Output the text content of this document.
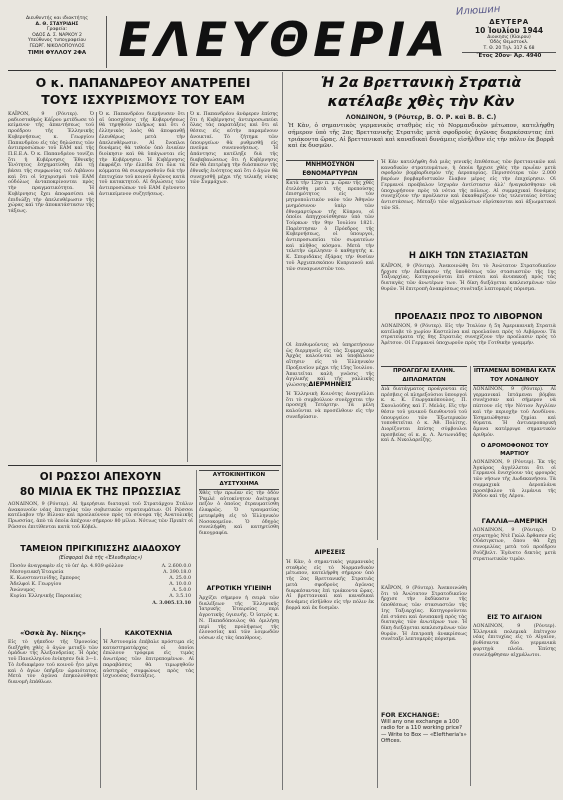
Илюшин
Διευθυντής και ιδιοκτήτης
Α. Θ. ΣΤΑΥΡΙΔΗΣ
Γραφεία:
ΟΔΟΣ Δ. Σ. ΝΑΡΚΟΥ 2
Υπεύθυνος τυπογραφείου
ΓΕΩΡΓ. ΝΙΚΟΛΟΠΟΥΛΟΣ
ΤΙΜΗ ΦΥΛΛΟΥ 2ΦΑ ΕΛΕΥΘΕΡΙΑ	ΔΕΥΤΕΡΑ
10 Ἰουλίου 1944
Διοικησις (Κίαιρου)
Ὁδὸς Θεμιστοκλ.
Τ. Θ. 20 Τηλ. 317 & 68
Ἔτος 20ον· Ἀρ. 4940
Ο κ. ΠΑΠΑΝΔΡΕΟΥ ΑΝΑΤΡΕΠΕΙ
ΤΟΥΣ ΙΣΧΥΡΙΣΜΟΥΣ ΤΟΥ ΕΑΜ
ΚΑΪΡΟΝ, 9 (Ρόυτερ). Ὁ ραδιοσταθμὸς Κάΐρου μετέδωσε τὸ κείμενον τῆς ἀπαντήσεως τοῦ προέδρου τῆς Ἑλληνικῆς Κυβερνήσεως κ. Γεωργίου Παπανδρέου εἰς τὰς δηλώσεις τῶν ἀντιπροσώπων τοῦ ΕΑΜ καὶ τῆς Π.Ε.Ε.Α. Ὁ κ. Παπανδρέου τονίζει ὅτι ἡ Κυβέρνησις Ἐθνικῆς Ἑνότητος ἐσχηματίσθη ἐπὶ τῇ βάσει τῆς συμφωνίας τοῦ Λιβάνου καὶ ὅτι οἱ ἰσχυρισμοὶ τοῦ ΕΑΜ οὐδόλως ἀνταποκρίνονται πρὸς τὴν πραγματικότητα. Ἡ Κυβέρνησις ἔχει ἀποφασίσει νὰ ἐπιδιώξῃ τὴν ἀπελευθέρωσιν τῆς χώρας καὶ τὴν ἀποκατάστασιν τῆς τάξεως.
Ὁ κ. Παπανδρέου διεμήνυσεν ὅτι αἱ ὑποσχέσεις τῆς Κυβερνήσεως θὰ τηρηθοῦν πλήρως καὶ ὅτι ὁ ἑλληνικὸς λαὸς θὰ ἀποφανθῇ ἐλευθέρως μετὰ τὴν ἀπελευθέρωσιν. Αἱ ἔνοπλοι δυνάμεις θὰ τεθοῦν ὑπὸ ἑνιαίαν διοίκησιν καὶ θὰ ὑπάγωνται εἰς τὴν Κυβέρνησιν. Ἡ Κυβέρνησις ἐκφράζει τὴν ἐλπίδα ὅτι ὅλα τὰ κόμματα θὰ συνεργασθοῦν διὰ τὴν ἐπιτυχίαν τοῦ κοινοῦ ἀγῶνος κατὰ τοῦ κατακτητοῦ. Αἱ δηλώσεις τῶν ἀντιπροσώπων τοῦ ΕΑΜ ἐγένοντο ἀντικείμενον συζητήσεως.
Ὁ κ. Παπανδρέου ἀνέφερεν ἐπίσης ὅτι ἡ Κυβέρνησις ἀντιπροσωπεύει ὅλας τὰς παρατάξεις καὶ ὅτι αἱ θέσεις εἰς αὐτὴν παραμένουν ἀνοικταί. Τὸ ζήτημα τῶν ὑπουργείων θὰ ρυθμισθῇ εἰς πνεῦμα συνεννοήσεως. Ἡ ἀπάντησις κατέληξε διὰ τῆς διαβεβαιώσεως ὅτι ἡ Κυβέρνησις δὲν θὰ ἐπιτρέψῃ τὴν διάσπασιν τῆς ἐθνικῆς ἑνότητος καὶ ὅτι ὁ ἀγὼν θὰ συνεχισθῇ μέχρι τῆς τελικῆς νίκης τῶν Συμμάχων.
Ἡ 2α Βρεττανικὴ Στρατιὰ
κατέλαβε χθὲς τὴν Κὰν
ΛΟΝΔΙΝΟΝ, 9 (Ρόυτερ, Β. Ο. Ρ. καὶ Β. Β. C.)
Ἡ Κὰν, ὁ σημαντικὸς γερμανικὸς σταθμὸς εἰς τὸ Νορμανδικὸν μέτωπον, κατελήφθη σήμερον ὑπὸ τῆς 2ας Βρεττανικῆς Στρατιᾶς μετὰ σφοδροὺς ἀγῶνας διαρκέσαντας ἐπὶ τριάκοντα ὥρας. Αἱ βρεττανικαὶ καὶ καναδικαὶ δυνάμεις εἰσῆλθον εἰς τὴν πόλιν ἐκ βορρᾶ καὶ ἐκ δυσμῶν.
ΜΝΗΜΟΣΥΝΟΝ ΕΘΝΟΜΑΡΤΥΡΩΝ
Κατὰ τὴν 12ην π. μ. ὥραν τῆς χθὲς ἐτελέσθη μετὰ τῆς πρεπούσης ἐπισημότητος εἰς τὸν μητροπολιτικὸν ναὸν τῶν Ἀθηνῶν μνημόσυνον ὑπὲρ τῶν ἐθνομαρτύρων τῆς Κύπρου, οἱ ὁποῖοι ἀπηγχονίσθησαν ὑπὸ τῶν Τούρκων τὴν 9ην Ἰουλίου 1821. Παρέστησαν ὁ Πρόεδρος τῆς Κυβερνήσεως, οἱ ὑπουργοί, ἀντιπροσωπεῖαι τῶν σωματείων καὶ πλῆθος κόσμου. Μετὰ τὴν τελετὴν ὡμίλησεν ὁ καθηγητὴς κ. Κ. Σπυριδάκις ἐξάρας τὴν θυσίαν τοῦ Ἀρχιεπισκόπου Κυπριανοῦ καὶ τῶν συναγωνιστῶν του.
Ἡ Κὰν κατελήφθη διὰ μιᾶς γενικῆς ἐπιθέσεως τῶν βρεττανικῶν καὶ καναδικῶν στρατευμάτων, ἡ ὁποία ἤρχισε χθὲς τὴν πρωΐαν μετὰ σφοδρὸν βομβαρδισμὸν τῆς ἀεροπορίας. Περισσότερα τῶν 2.000 βαρέων βομβαρδιστικῶν ἔλαβον μέρος εἰς τὴν ἐπιχείρησιν. Οἱ Γερμανοὶ προέβαλον ἰσχυρὰν ἀντίστασιν ἀλλ' ἠναγκάσθησαν νὰ ὑποχωρήσουν πρὸς τὰ νότια τῆς πόλεως. Αἱ συμμαχικαὶ δυνάμεις συνεχίζουν τὴν προέλασιν καὶ ἐκκαθαρίζουν τὰς τελευταίας ἑστίας ἀντιστάσεως. Μεταξὺ τῶν αἰχμαλώτων εὑρίσκονται καὶ ἀξιωματικοὶ τῶν SS.
Η ΔΙΚΗ ΤΩΝ ΣΤΑΣΙΑΣΤΩΝ
ΚΑΪΡΟΝ, 9 (Ρόυτερ). Ἀνεκοινώθη ὅτι τὸ Ἀνώτατον Στρατοδικεῖον ἤρχισε τὴν ἐκδίκασιν τῆς ὑποθέσεως τῶν στασιαστῶν τῆς 1ης Ταξιαρχίας. Κατηγοροῦνται ἐπὶ στάσει καὶ ἀνυπακοῇ πρὸς τὰς διαταγὰς τῶν ἀνωτέρων των. Ἡ δίκη διεξάγεται κεκλεισμένων τῶν θυρῶν. Ἡ ἐπιτροπὴ ἀνακρίσεως συνέταξε λεπτομερὲς πόρισμα.
ΠΡΟΕΛΑΣΙΣ ΠΡΟΣ ΤΟ ΛΙΒΟΡΝΟΝ
ΛΟΝΔΙΝΟΝ, 9 (Ρόυτερ). Εἰς τὴν Ἰταλίαν ἡ 5η Ἀμερικανικὴ Στρατιὰ κατέλαβε τὸ χωρίον Καστελίνα καὶ προελαύνει πρὸς τὸ Λιβόρνον. Τὰ στρατεύματα τῆς 8ης Στρατιᾶς συνεχίζουν τὴν προέλασιν πρὸς τὸ Ἀρέτσον. Οἱ Γερμανοὶ ὑποχωροῦν πρὸς τὴν Γοτθικὴν γραμμήν.
Οἱ ἐπιθυμοῦντες νὰ ὑπηρετήσουν ὡς διερμηνεῖς εἰς τὰς Συμμαχικὰς Ἀρχὰς καλοῦνται νὰ ὑποβάλουν αἴτησιν εἰς τὸ Ἑλληνικὸν Προξενεῖον μέχρι τῆς 15ης Ἰουλίου. Ἀπαιτεῖται καλὴ γνῶσις τῆς ἀγγλικῆς καὶ τῆς γαλλικῆς γλώσσης.
ΠΡΟΑΓΩΓΑΙ ΕΛΛΗΝ. ΔΙΠΛΩΜΑΤΩΝ
Διὰ διατάγματος προάγονται εἰς πρέσβεις οἱ πληρεξούσιοι ὑπουργοὶ κ. κ. Κ. Γεωργακόπουλος, Π. Σκουλούδης καὶ Γ. Μελᾶς. Εἰς τὴν θέσιν τοῦ γενικοῦ διευθυντοῦ τοῦ ὑπουργείου τῶν Ἐξωτερικῶν τοποθετεῖται ὁ κ. Ἀθ. Πολίτης. Διορίζονται ἐπίσης σύμβουλοι πρεσβείας οἱ κ. κ. Λ. Ἀντωνιάδης καὶ Δ. Νικολαρεΐζης.
ΙΠΤΑΜΕΝΑΙ ΒΟΜΒΑΙ ΚΑΤΑ ΤΟΥ ΛΟΝΔΙΝΟΥ
ΛΟΝΔΙΝΟΝ, 9 (Ρόυτερ). Αἱ γερμανικαὶ ἱπτάμεναι βόμβαι συνέχισαν καὶ σήμερον νὰ πίπτουν εἰς τὴν Νότιον Ἀγγλίαν καὶ τὴν περιοχὴν τοῦ Λονδίνου. Ἐσημειώθησαν ζημίαι καὶ θύματα. Ἡ ἀντιαεροπορικὴ ἄμυνα κατέρριψε σημαντικὸν ἀριθμόν.
Ο ΔΡΟΜΟΦΟΝΟΣ ΤΟΥ ΜΑΡΤΙΟΥ
ΛΟΝΔΙΝΟΝ, 9 (Ρόυτερ). Ἐκ τῆς Ἀγκύρας ἀγγέλλεται ὅτι οἱ Γερμανοὶ ἐνισχύουν τὰς φρουρὰς τῶν νήσων τῆς Δωδεκανήσου. Τὰ συμμαχικὰ ἀεροπλάνα προσέβαλον τὰ λιμάνια τῆς Ρόδου καὶ τῆς Λέρου.
ΓΑΛΛΙΑ—ΑΜΕΡΙΚΗ
ΛΟΝΔΙΝΟΝ, 9 (Ρόυτερ). Ὁ στρατηγὸς Ντὲ Γκὼλ ἔφθασεν εἰς Οὐάσιγκτων, ὅπου θὰ ἔχῃ συνομιλίας μετὰ τοῦ προέδρου Ροῦζβελτ. Ἐγένετο δεκτὸς μετὰ στρατιωτικῶν τιμῶν.
ΕΙΣ ΤΟ ΑΙΓΑΙΟΝ
ΛΟΝΔΙΝΟΝ, 9 (Ρόυτερ). Ἑλληνικὰ πολεμικὰ ἐπέτυχον νέας ἐπιτυχίας εἰς τὸ Αἰγαῖον, βυθίσαντα δύο γερμανικὰ φορτηγὰ πλοῖα. Ἐπίσης συνελήφθησαν αἰχμάλωτοι.
ΟΙ ΡΩΣΣΟΙ ΑΠΕΧΟΥΝ
80 ΜΙΛΙΑ ΕΚ ΤΗΣ ΠΡΩΣΣΙΑΣ
ΛΟΝΔΙΝΟΝ, 9 (Ρόυτερ). Αἱ ἡμερήσιαι διαταγαὶ τοῦ Στρατάρχου Στάλιν ἀνακοινοῦν νέας ἐπιτυχίας τῶν σοβιετικῶν στρατευμάτων. Οἱ Ρῶσσοι κατέλαβον τὴν Βίλναν καὶ προελαύνουν πρὸς τὰ σύνορα τῆς Ἀνατολικῆς Πρωσσίας, ἀπὸ τὰ ὁποῖα ἀπέχουν σήμερον 80 μίλια. Νότιως τῶν Πριπὲτ οἱ Ρῶσσοι ἐπιτίθενται κατὰ τοῦ Κόβελ.
ΤΑΜΕΙΟΝ ΠΡΙΓΚΙΠΙΣΣΗΣ ΔΙΑΔΟΧΟΥ
(Εἰσφοραὶ διὰ τῆς «Ἐλευθερίας»)
Ποσὸν ἀναγραφὲν εἰς τὸ ὑπ' ἀρ. 4.939 φύλλον	Λ. 2.600.0.0
Μεσογειακὴ Ἑταιρεία	Λ. 390.18.0
Κ. Κωνσταντινίδης, ἔμπορος	Λ. 25.0.0
Ἀδελφοὶ Κ. Γεωργίου	Λ. 10.0.0
Ἀνώνυμος	Λ. 5.0.0
Κυρίαι Ἑλληνικῆς Παροικίας	Λ. 3.5.10
Λ. 3.005.13.10
«Ὀσκὰ Ἀγ. Νίκης»
Εἰς τὸ γήπεδον τῆς Ὁμονοίας διεξήχθη χθὲς ὁ ἀγὼν μεταξὺ τῶν ὁμάδων τῆς Ἀλεξανδρείας. Ἡ ὁμὰς τοῦ Πανελληνίου ἐνίκησεν διὰ 3—1. Τὸ ἐνδιαφέρον τοῦ κοινοῦ ἦτο μέγα καὶ ὁ ἀγὼν ὑπῆρξεν ὡραιότατος. Μετὰ τὸν ἀγῶνα ἐπηκολούθησε διανομὴ ἐπάθλων.
ΚΑΚΟΤΕΧΝΙΑ
Ἡ Ἀστυνομία ἐπέβαλε πρόστιμα εἰς καταστηματάρχας οἱ ὁποῖοι ἐπώλουν τρόφιμα εἰς τιμὰς ἀνωτέρας τῶν ἐπιτρεπομένων. Αἱ παραβάσεις θὰ τιμωρηθοῦν αὐστηρῶς συμφώνως πρὸς τὰς ἰσχυούσας διατάξεις.
ΑΥΤΟΚΙΝΗΤΙΚΟΝ ΔΥΣΤΥΧΗΜΑ
Χθὲς τὴν πρωΐαν εἰς τὴν ὁδὸν Ῥαμλὲ αὐτοκίνητον ἀνέτρεψε πεζὸν ὁ ὁποῖος ἐτραυματίσθη ἐλαφρῶς. Ὁ τραυματίας μετεφέρθη εἰς τὸ Ἑλληνικὸν Νοσοκομεῖον. Ὁ ὁδηγὸς συνελήφθη καὶ κατηρτίσθη δικογραφία.
ΑΓΡΟΤΙΚΗ ΥΓΙΕΙΝΗ
Ἀρχίζει σήμερον ἡ σειρὰ τῶν διαλέξεων τῆς Ἑλληνικῆς Ἰατρικῆς Ἑταιρείας περὶ ἀγροτικῆς ὑγιεινῆς. Ὁ ἰατρὸς κ. Ν. Παπαδόπουλος θὰ ὁμιλήσῃ περὶ τῆς προλήψεως τῆς ἑλονοσίας καὶ τῶν λοιμωδῶν νόσων εἰς τὰς ὑπαίθρους.
ΔΙΕΡΜΗΝΕΙΣ
Ἡ Ἑλληνικὴ Κοινότης ἀναγγέλλει ὅτι τὸ συμβούλιον συνέρχεται τὴν προσεχῆ Τετάρτην. Τὰ μέλη καλοῦνται νὰ προσέλθουν εἰς τὴν συνεδρίασιν.
ΑΙΡΕΣΕΙΣ
Ἡ Κὰν, ὁ σημαντικὸς γερμανικὸς σταθμὸς εἰς τὸ Νορμανδικὸν μέτωπον, κατελήφθη σήμερον ὑπὸ τῆς 2ας Βρεττανικῆς Στρατιᾶς μετὰ σφοδροὺς ἀγῶνας διαρκέσαντας ἐπὶ τριάκοντα ὥρας. Αἱ βρεττανικαὶ καὶ καναδικαὶ δυνάμεις εἰσῆλθον εἰς τὴν πόλιν ἐκ βορρᾶ καὶ ἐκ δυσμῶν.
FOR EXCHANGE:
Will any one exchange a 100 radio for a 110 working price? — Write to Box — «Eleftheria's» Offices.
ΚΑΪΡΟΝ, 9 (Ρόυτερ). Ἀνεκοινώθη ὅτι τὸ Ἀνώτατον Στρατοδικεῖον ἤρχισε τὴν ἐκδίκασιν τῆς ὑποθέσεως τῶν στασιαστῶν τῆς 1ης Ταξιαρχίας. Κατηγοροῦνται ἐπὶ στάσει καὶ ἀνυπακοῇ πρὸς τὰς διαταγὰς τῶν ἀνωτέρων των. Ἡ δίκη διεξάγεται κεκλεισμένων τῶν θυρῶν. Ἡ ἐπιτροπὴ ἀνακρίσεως συνέταξε λεπτομερὲς πόρισμα.
